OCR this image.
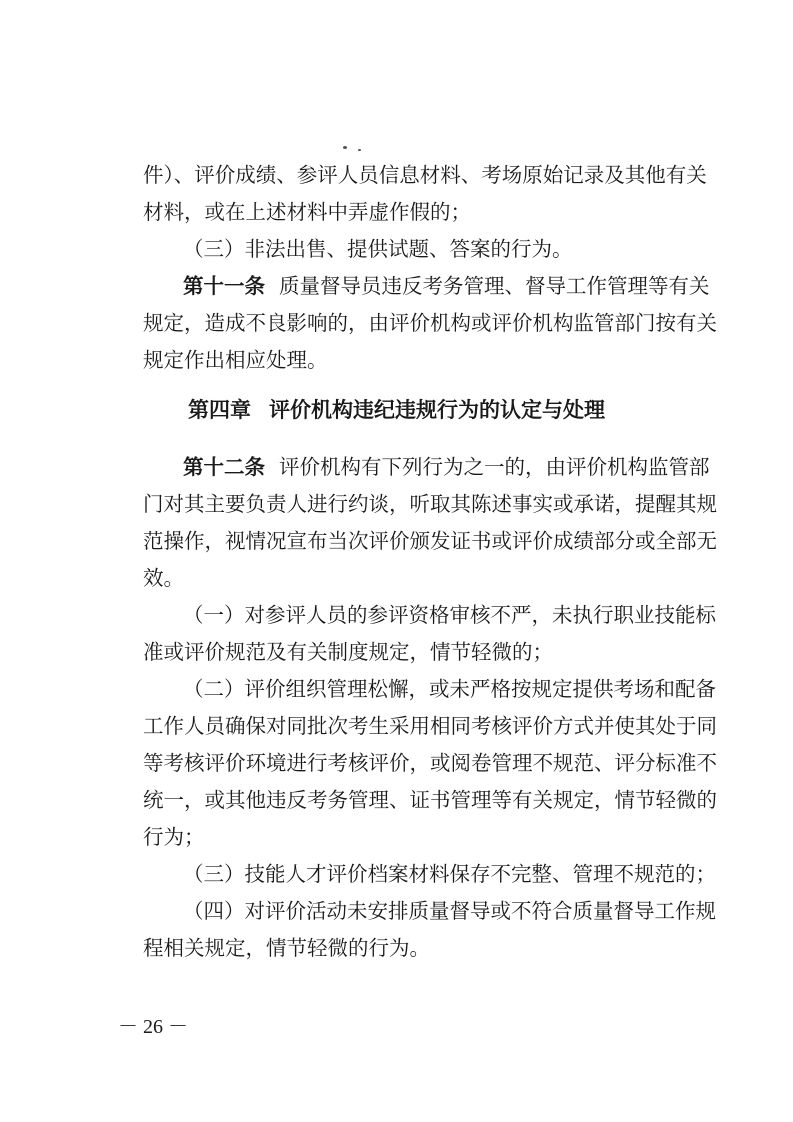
件）、评价成绩、参评人员信息材料、考场原始记录及其他有关
材料，或在上述材料中弄虚作假的；
（三）非法出售、提供试题、答案的行为。
第十一条 质量督导员违反考务管理、督导工作管理等有关
规定，造成不良影响的，由评价机构或评价机构监管部门按有关
规定作出相应处理。
第四章 评价机构违纪违规行为的认定与处理
第十二条 评价机构有下列行为之一的，由评价机构监管部
门对其主要负责人进行约谈，听取其陈述事实或承诺，提醒其规
范操作，视情况宣布当次评价颁发证书或评价成绩部分或全部无
效。
（一）对参评人员的参评资格审核不严，未执行职业技能标
准或评价规范及有关制度规定，情节轻微的；
（二）评价组织管理松懈，或未严格按规定提供考场和配备
工作人员确保对同批次考生采用相同考核评价方式并使其处于同
等考核评价环境进行考核评价，或阅卷管理不规范、评分标准不
统一，或其他违反考务管理、证书管理等有关规定，情节轻微的
行为；
（三）技能人才评价档案材料保存不完整、管理不规范的；
（四）对评价活动未安排质量督导或不符合质量督导工作规
程相关规定，情节轻微的行为。
－ 26 －
